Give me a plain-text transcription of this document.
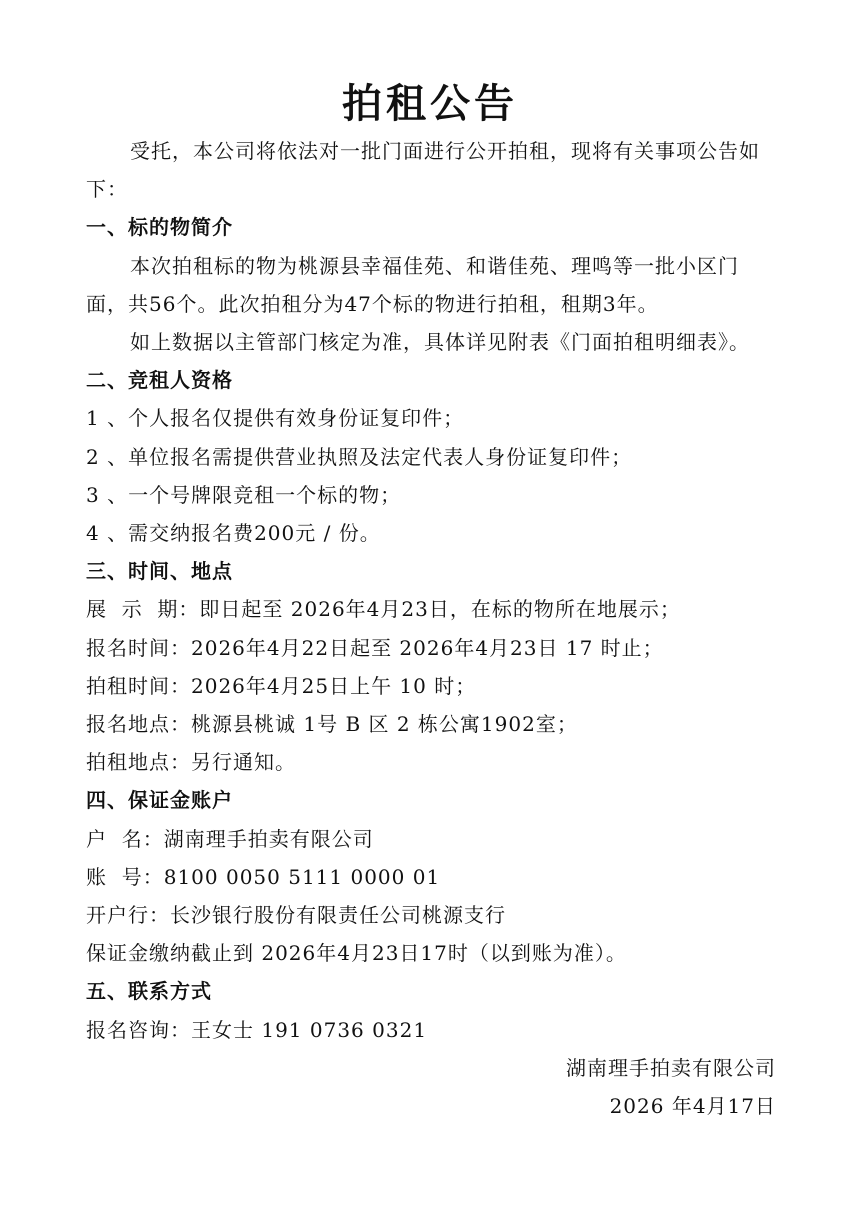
拍租公告

受托，本公司将依法对一批门面进行公开拍租，现将有关事项公告如下：

一、标的物简介

本次拍租标的物为桃源县幸福佳苑、和谐佳苑、理鸣等一批小区门面，共56个。此次拍租分为47个标的物进行拍租，租期3年。

如上数据以主管部门核定为准，具体详见附表《门面拍租明细表》。

二、竞租人资格

1 、个人报名仅提供有效身份证复印件；

2 、单位报名需提供营业执照及法定代表人身份证复印件；

3 、一个号牌限竞租一个标的物；

4 、需交纳报名费200元 / 份。

三、时间、地点

展  示  期：即日起至 2026年4月23日，在标的物所在地展示；

报名时间：2026年4月22日起至 2026年4月23日 17 时止；

拍租时间：2026年4月25日上午 10 时；

报名地点：桃源县桃诚 1号 B 区 2 栋公寓1902室；

拍租地点：另行通知。

四、保证金账户

户  名：湖南理手拍卖有限公司

账  号：8100 0050 5111 0000 01

开户行：长沙银行股份有限责任公司桃源支行

保证金缴纳截止到 2026年4月23日17时（以到账为准）。

五、联系方式

报名咨询：王女士 191 0736 0321

湖南理手拍卖有限公司

2026 年4月17日
